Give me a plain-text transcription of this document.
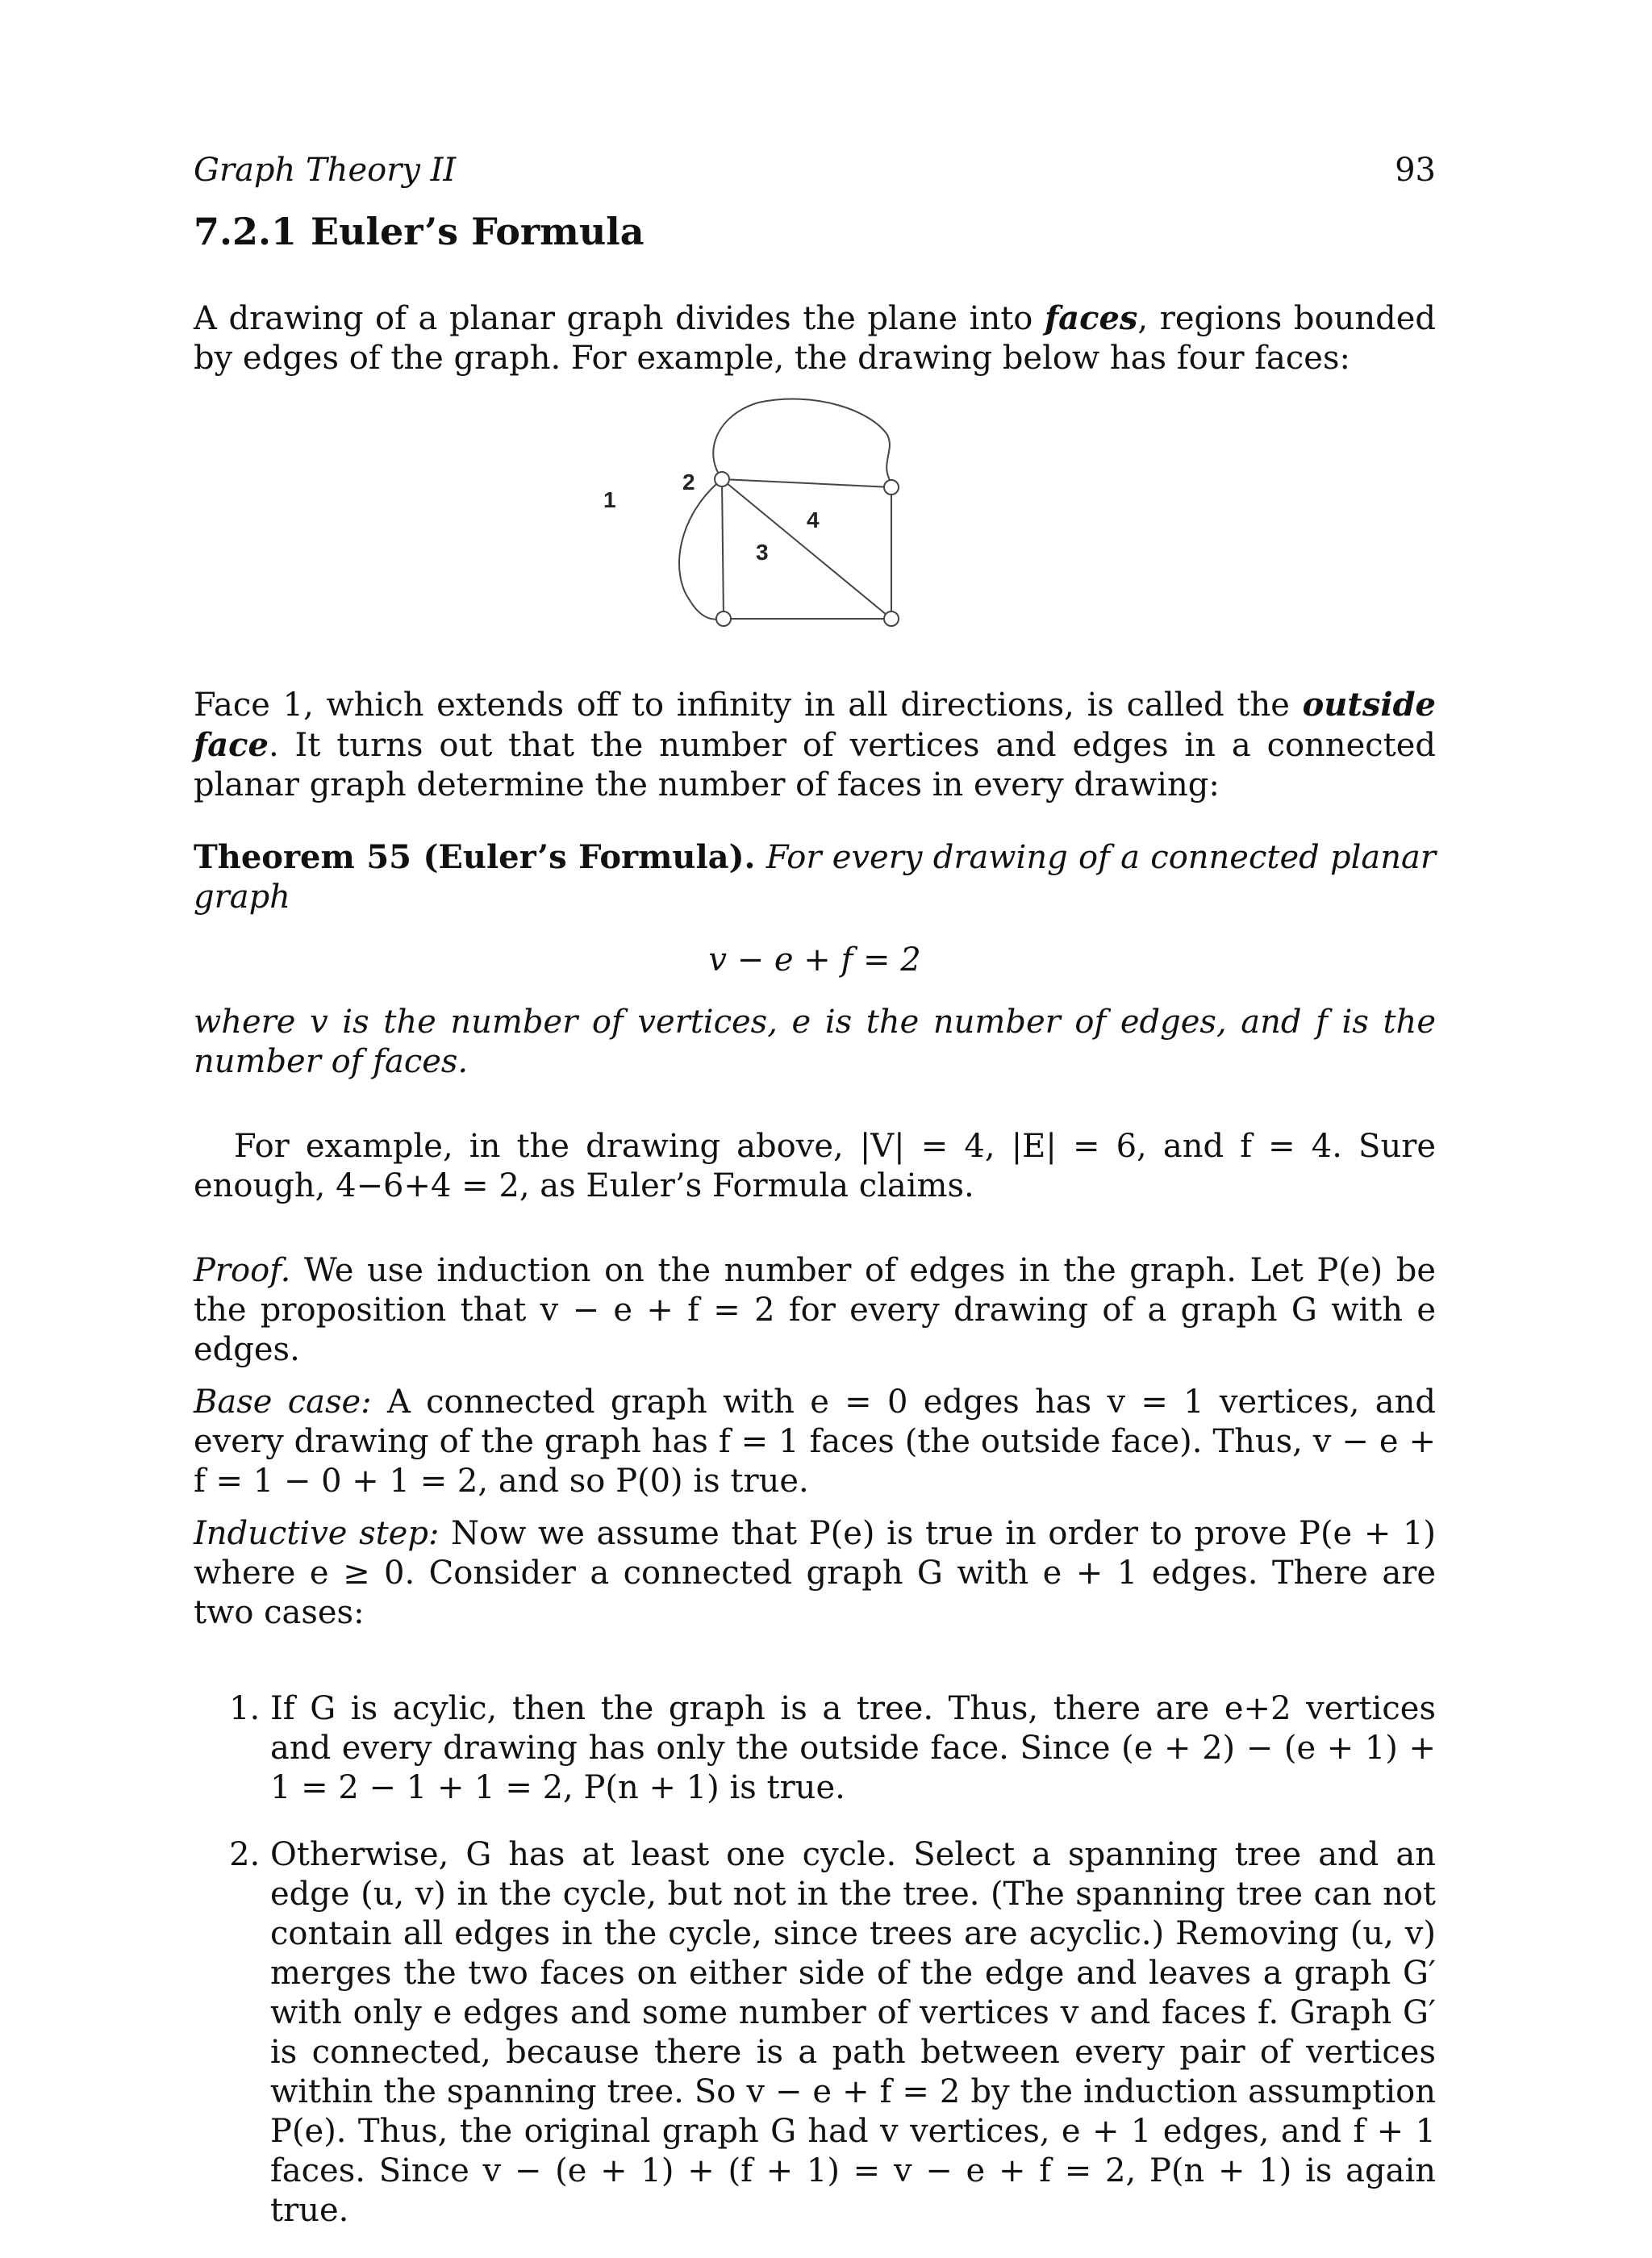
Graph Theory II	93
7.2.1 Euler’s Formula

A drawing of a planar graph divides the plane into faces, regions bounded by edges of the graph. For example, the drawing below has four faces:

1
2
4
3

Face 1, which extends off to infinity in all directions, is called the outside face. It turns out that the number of vertices and edges in a connected planar graph determine the number of faces in every drawing:

Theorem 55 (Euler’s Formula). For every drawing of a connected planar graph

v − e + f = 2

where v is the number of vertices, e is the number of edges, and f is the number of faces.

For example, in the drawing above, |V| = 4, |E| = 6, and f = 4. Sure enough, 4−6+4 = 2, as Euler’s Formula claims.

Proof. We use induction on the number of edges in the graph. Let P(e) be the proposition that v − e + f = 2 for every drawing of a graph G with e edges.

Base case: A connected graph with e = 0 edges has v = 1 vertices, and every drawing of the graph has f = 1 faces (the outside face). Thus, v − e + f = 1 − 0 + 1 = 2, and so P(0) is true.

Inductive step: Now we assume that P(e) is true in order to prove P(e + 1) where e ≥ 0. Consider a connected graph G with e + 1 edges. There are two cases:

1. If G is acylic, then the graph is a tree. Thus, there are e+2 vertices and every drawing has only the outside face. Since (e + 2) − (e + 1) + 1 = 2 − 1 + 1 = 2, P(n + 1) is true.
2. Otherwise, G has at least one cycle. Select a spanning tree and an edge (u, v) in the cycle, but not in the tree. (The spanning tree can not contain all edges in the cycle, since trees are acyclic.) Removing (u, v) merges the two faces on either side of the edge and leaves a graph G′ with only e edges and some number of vertices v and faces f. Graph G′ is connected, because there is a path between every pair of vertices within the spanning tree. So v − e + f = 2 by the induction assumption P(e). Thus, the original graph G had v vertices, e + 1 edges, and f + 1 faces. Since v − (e + 1) + (f + 1) = v − e + f = 2, P(n + 1) is again true.
